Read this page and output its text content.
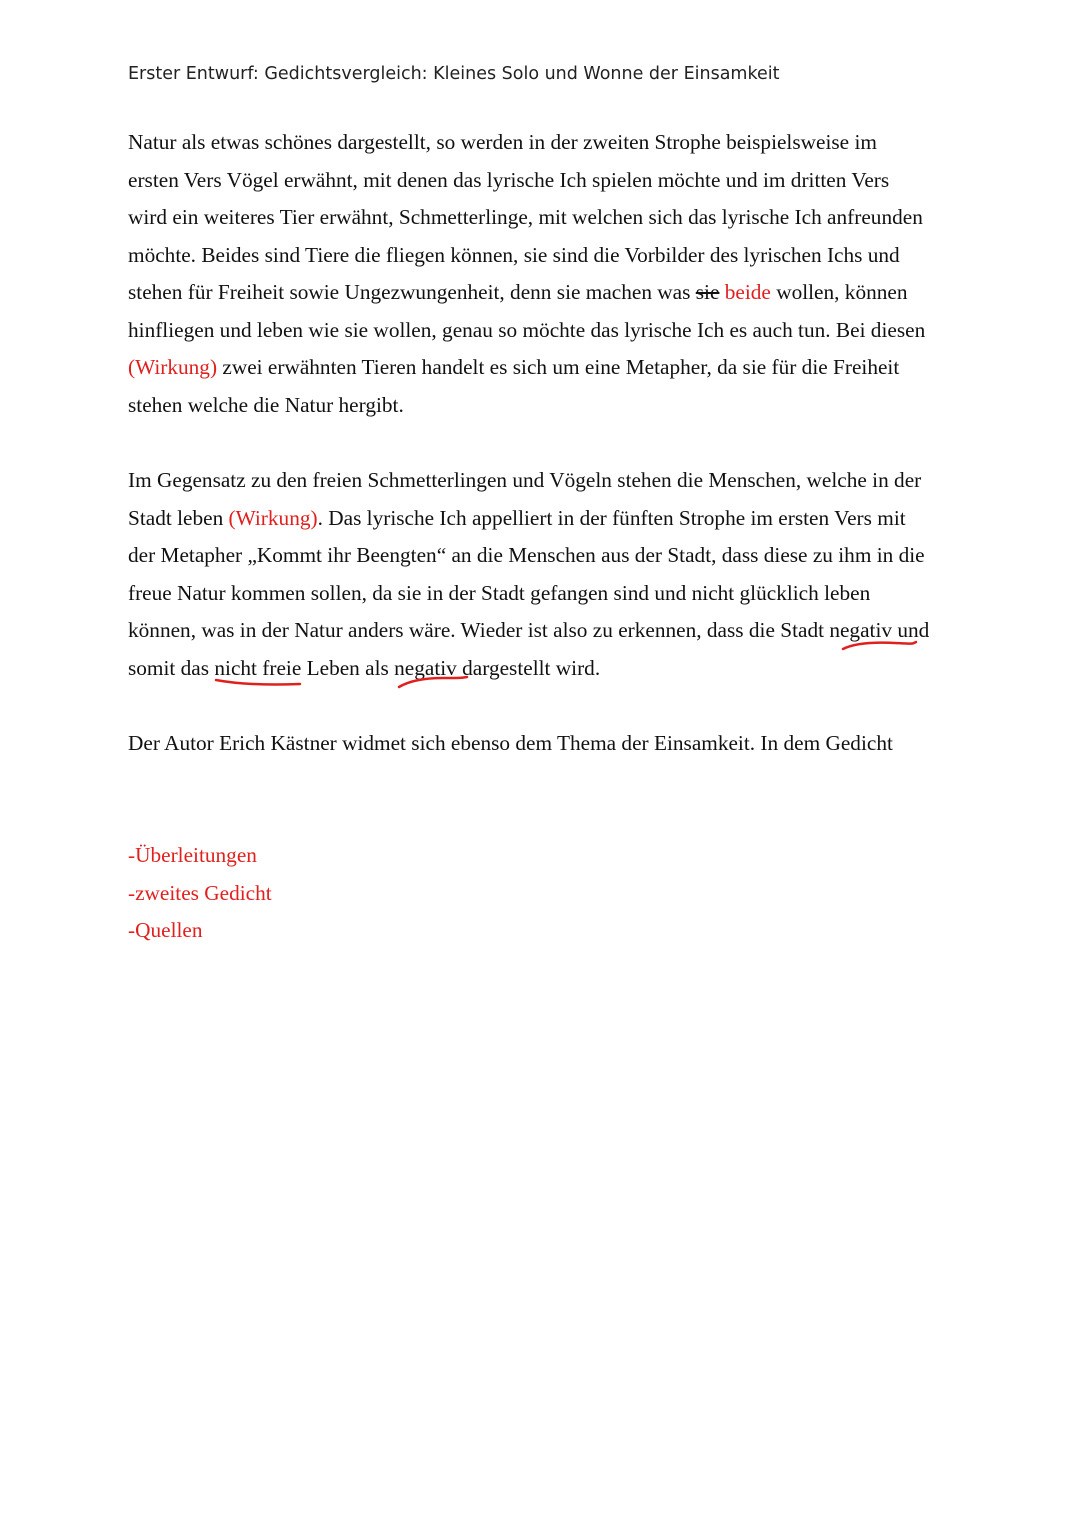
Erster Entwurf: Gedichtsvergleich: Kleines Solo und Wonne der Einsamkeit
Natur als etwas schönes dargestellt, so werden in der zweiten Strophe beispielsweise im
ersten Vers Vögel erwähnt, mit denen das lyrische Ich spielen möchte und im dritten Vers
wird ein weiteres Tier erwähnt, Schmetterlinge, mit welchen sich das lyrische Ich anfreunden
möchte. Beides sind Tiere die fliegen können, sie sind die Vorbilder des lyrischen Ichs und
stehen für Freiheit sowie Ungezwungenheit, denn sie machen was sie beide wollen, können
hinfliegen und leben wie sie wollen, genau so möchte das lyrische Ich es auch tun. Bei diesen
(Wirkung) zwei erwähnten Tieren handelt es sich um eine Metapher, da sie für die Freiheit
stehen welche die Natur hergibt.
Im Gegensatz zu den freien Schmetterlingen und Vögeln stehen die Menschen, welche in der
Stadt leben (Wirkung). Das lyrische Ich appelliert in der fünften Strophe im ersten Vers mit
der Metapher „Kommt ihr Beengten“ an die Menschen aus der Stadt, dass diese zu ihm in die
freue Natur kommen sollen, da sie in der Stadt gefangen sind und nicht glücklich leben
können, was in der Natur anders wäre. Wieder ist also zu erkennen, dass die Stadt negativ und
somit das nicht freie Leben als negativ dargestellt wird.
Der Autor Erich Kästner widmet sich ebenso dem Thema der Einsamkeit. In dem Gedicht
-Überleitungen
-zweites Gedicht
-Quellen
